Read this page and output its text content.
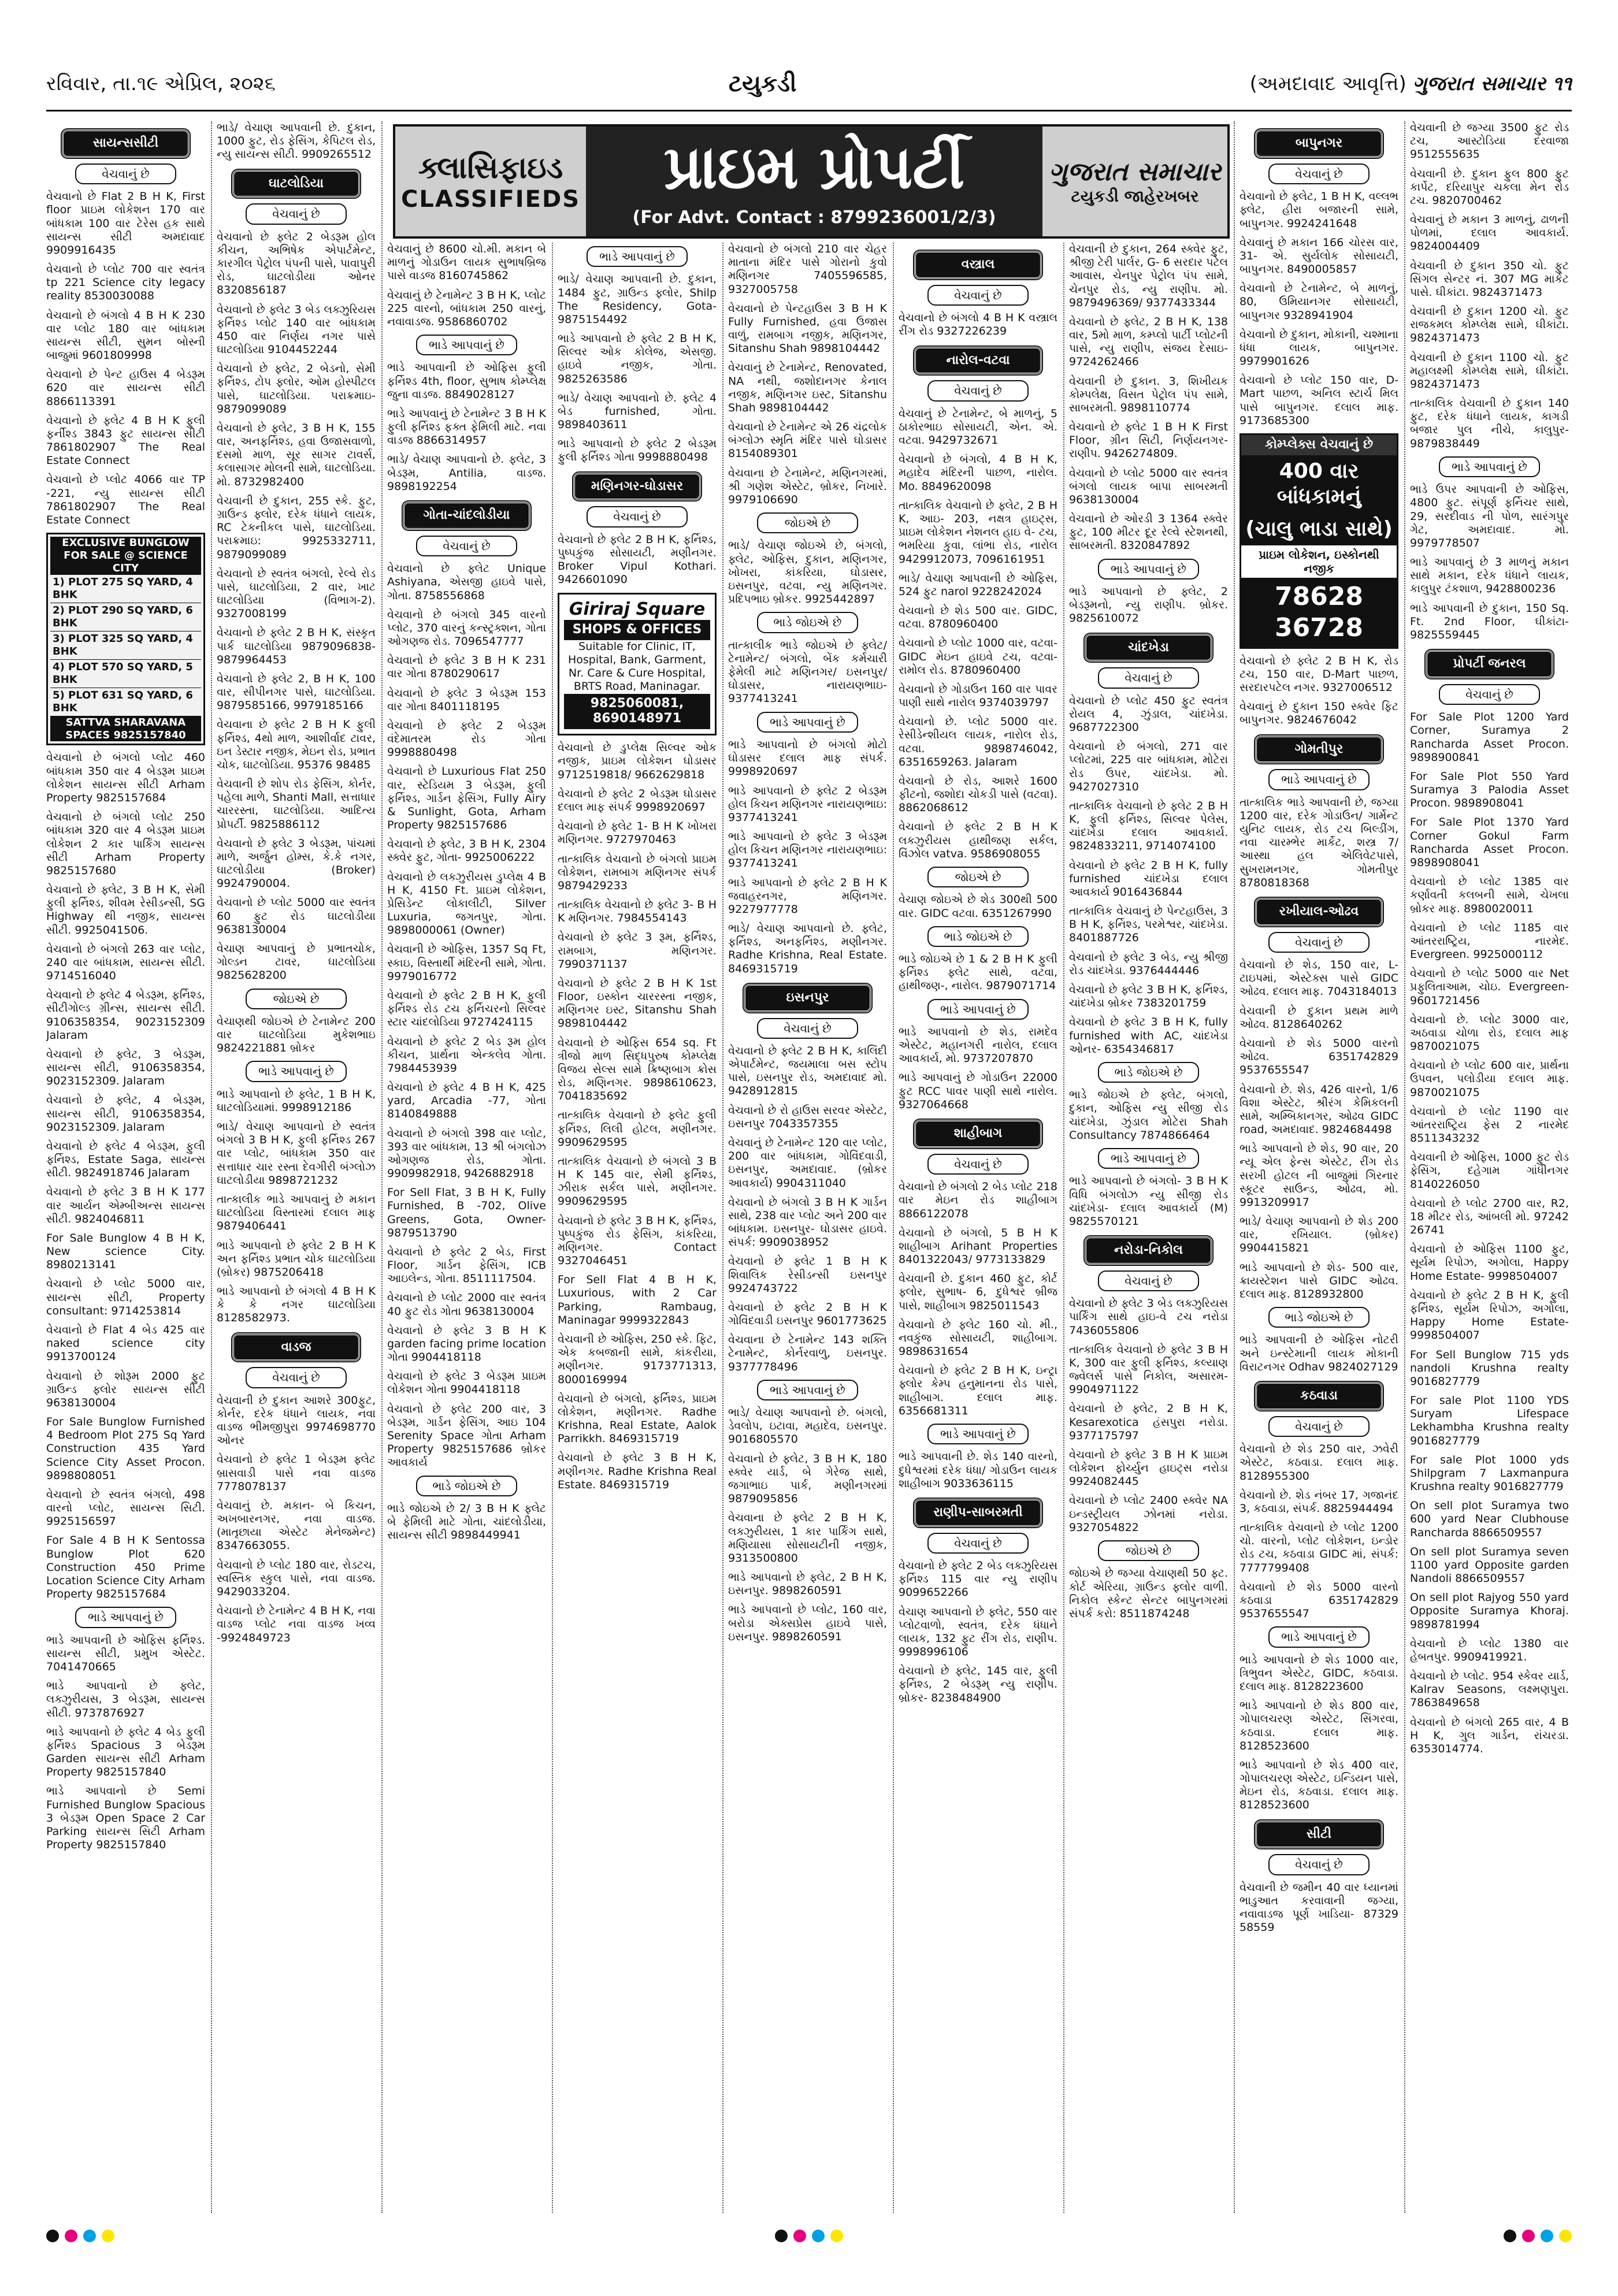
રવિવાર, તા.૧૯ એપ્રિલ, ૨૦૨૬	ટયુકડી	(અમદાવાદ આવૃત્તિ) ગુજરાત સમાચાર ૧૧
ક્લાસિફાઇડ
CLASSIFIEDS	પ્રાઇમ પ્રોપર્ટી
(For Advt. Contact : 8799236001/2/3)
ગુજરાત સમાચાર
ટયુકડી જાહેરખબર
સાયન્સસીટી
વેચવાનું છે

વેચવાનો છે Flat 2 B H K, First floor પ્રાઇમ લોકેશન 170 વાર બાંધકામ 100 વાર ટેરેસ હક સાથે સાયન્સ સીટી અમદાવાદ 9909916435

વેચવાનો છે પ્લોટ 700 વાર સ્વતંત્ર tp 221 Science city legacy reality 8530030088

વેચવાનો છે બંગલો 4 B H K 230 વાર પ્લોટ 180 વાર બાંધકામ સાયન્સ સીટી, સુમન બોસ્ની બાજુમાં 9601809998

વેચવાનો છે પેન્ટ હાઉસ 4 બેડરૂમ 620 વાર સાયન્સ સીટી 8866113391

વેચવાનો છે ફ્લેટ 4 B H K ફુલી ફર્નીશ્ડ 3843 ફુટ સાયન્સ સીટી 7861802907 The Real Estate Connect

વેચવાનો છે પ્લોટ 4066 વાર TP -221, ન્યુ સાયન્સ સીટી 7861802907 The Real Estate Connect

EXCLUSIVE BUNGLOW FOR SALE @ SCIENCE CITY
1) PLOT 275 SQ YARD, 4 BHK
2) PLOT 290 SQ YARD, 6 BHK
3) PLOT 325 SQ YARD, 4 BHK
4) PLOT 570 SQ YARD, 5 BHK
5) PLOT 631 SQ YARD, 6 BHK
SATTVA SHARAVANA SPACES 9825157840

વેચવાનો છે બંગલો પ્લોટ 460 બાંધકામ 350 વાર 4 બેડરૂમ પ્રાઇમ લોકેશન સાયન્સ સીટી Arham Property 9825157684

વેચવાનો છે બંગલો પ્લોટ 250 બાંધકામ 320 વાર 4 બેડરૂમ પ્રાઇમ લોકેશન 2 કાર પાર્કિંગ સાયન્સ સીટી Arham Property 9825157680

વેચવાનો છે ફ્લેટ, 3 B H K, સેમી ફુલી ફર્નિશ્ડ, શીવમ રેસીડન્સી, SG Highway થી નજીક, સાયન્સ સીટી. 9925041506.

વેચવાનો છે બંગલો 263 વાર પ્લોટ, 240 વાર બાંધકામ, સાયન્સ સીટી. 9714516040

વેચવાનો છે ફ્લેટ 4 બેડરૂમ, ફર્નિશ્ડ, સીટીગોલ્ડ ગ્રીન્સ, સાયન્સ સીટી. 9106358354, 9023152309 Jalaram

વેચવાનો છે ફ્લેટ, 3 બેડરૂમ, સાયન્સ સીટી, 9106358354, 9023152309. Jalaram

વેચવાનો છે ફ્લેટ, 4 બેડરૂમ, સાયન્સ સીટી, 9106358354, 9023152309. Jalaram

વેચવાનો છે ફ્લેટ 4 બેડરૂમ, ફુલી ફર્નિશ્ડ, Estate Saga, સાયન્સ સીટી. 9824918746 Jalaram

વેચવાનો છે ફ્લેટ 3 B H K 177 વાર આર્યન એમ્બીઅન્સ સાયન્સ સીટી. 9824046811

For Sale Bunglow 4 B H K, New science City. 8980213141

વેચવાનો છે પ્લોટ 5000 વાર, સાયન્સ સીટી, Property consultant: 9714253814

વેચવાનો છે Flat 4 બેડ 425 વાર naked science city 9913700124

વેચવાનો છે શોરૂમ 2000 ફુટ ગ્રાઉન્ડ ફ્લોર સાયન્સ સીટી 9638130004

For Sale Bunglow Furnished 4 Bedroom Plot 275 Sq Yard Construction 435 Yard Science City Asset Procon. 9898808051

વેચવાનો છે સ્વતંત્ર બંગલો, 498 વારનો પ્લોટ, સાયન્સ સિટી. 9925156597

For Sale 4 B H K Sentossa Bunglow Plot 620 Construction 450 Prime Location Science City Arham Property 9825157684

ભાડે આપવાનું છે

ભાડે આપવાની છે ઓફિસ ફર્નિશ્ડ. સાયન્સ સીટી, પ્રમુખ એસ્ટેટ. 7041470665

ભાડે આપવાનો છે ફ્લેટ, લક્ઝુરીયસ, 3 બેડરૂમ, સાયન્સ સીટી. 9737876927

ભાડે આપવાનો છે ફ્લેટ 4 બેડ ફુલી ફર્નિશ્ડ Spacious 3 બેડરૂમ Garden સાયન્સ સીટી Arham Property 9825157840

ભાડે આપવાનો છે Semi Furnished Bunglow Spacious 3 બેડરૂમ Open Space 2 Car Parking સાયન્સ સિટી Arham Property 9825157840

ભાડે/ વેચાણ આપવાની છે. દુકાન, 1000 ફુટ, રોડ ફેસિંગ, કેપિટલ રોડ, ન્યુ સાયન્સ સીટી. 9909265512

ઘાટલોડિયા
વેચવાનું છે

વેચવાનો છે ફ્લેટ 2 બેડરૂમ હોલ કીચન, અભિષેક એપાર્ટમેન્ટ, કારગીલ પેટ્રોલ પંપની પાસે, પાવાપુરી રોડ, ઘાટલોડીયા ઓનર 8320856187

વેચવાનો છે ફ્લેટ 3 બેડ લક્ઝુરિયસ ફર્નિશ્ડ પ્લોટ 140 વાર બાંધકામ 450 વાર નિર્ણય નગર પાસે ઘાટલોડિયા 9104452244

વેચવાનો છે ફ્લેટ, 2 બેડનો, સેમી ફર્નિશ્ડ, ટોપ ફ્લોર, ઓમ હોસ્પીટલ પાસે, ઘાટલોડિયા. પરાક્રમાઇ- 9879099089

વેચવાનો છે ફ્લેટ, 3 B H K, 155 વાર, અનફર્નિશ્ડ, હવા ઉજાસવાળો, દસમો માળ, સૂર સાગર ટાવર્સ, કલાસાગર મોલની સામે, ઘાટલોડિયા. મો. 8732982400

વેચવાની છે દુકાન, 255 સ્કે. ફુટ, ગ્રાઉન્ડ ફ્લોર, દરેક ધંધાને લાયક, RC ટેકનીકલ પાસે, ઘાટલોડિયા. પરાક્રમાઇ: 9925332711, 9879099089

વેચવાનો છે સ્વતંત્ર બંગલો, રેલ્વે રોડ પાસે, ઘાટલોડિયા, 2 વાર, ખાટ ઘાટલોડિયા (વિભાગ-2). 9327008199

વેચવાનો છે ફ્લેટ 2 B H K, સંસ્કૃત પાર્ક ઘાટલોડિયા 9879096838- 9879964453

વેચવાનો છે ફ્લેટ 2, B H K, 100 વાર, સીપીનગર પાસે, ઘાટલોડિયા. 9879585166, 9979185166

વેચવાના છે ફ્લેટ 2 B H K ફુલી ફર્નિશ્ડ, 4થો માળ, આશીર્વાદ ટાવર, ઇન ડેસ્ટાર નજીક, મેઇન રોડ, પ્રભાત ચોક, ઘાટલોડિયા. 95376 98485

વેચવાની છે શોપ રોડ ફેસિંગ, કોર્નર, પહેલા માળે, Shanti Mall, સત્તાધાર ચારરસ્તા, ઘાટલોડિયા. આદિત્ય પ્રોપર્ટી. 9825886112

વેચવાનો છે ફ્લેટ 3 બેડરૂમ, પાંચમાં માળે, અર્જુન હોમ્સ, કે.કે નગર, ઘાટલોડીયા (Broker) 9924790004.

વેચવાનો છે પ્લોટ 5000 વાર સ્વતંત્ર 60 ફુટ રોડ ઘાટલોડીયા 9638130004

વેચાણ આપવાનું છે પ્રભાતચોક, ગોલ્ડન ટાવર, ઘાટલોડિયા 9825628200

જોઇએ છે

વેચાણથી જોઇએ છે ટેનામેન્ટ 200 વાર ઘાટલોડિયા મુકેશભાઇ 9824221881 બ્રોકર

ભાડે આપવાનું છે

ભાડે આપવાનો છે ફ્લેટ, 1 B H K, ઘાટલોડિયામાં. 9998912186

ભાડે/ વેચાણ આપવાનો છે સ્વતંત્ર બંગલો 3 B H K, ફુલી ફર્નિશ્ડ 267 વાર પ્લોટ, બાંધકામ 350 વાર સત્તાધાર ચાર રસ્તા દેવગીરી બંગ્લોઝ ઘાટલોડીયા 9898721232

તાત્કાલીક ભાડે આપવાનું છે મકાન ઘાટલોડિયા વિસ્તારમાં દલાલ માફ 9879406441

ભાડે આપવાનો છે ફ્લેટ 2 B H K અન ફર્નિશ્ડ પ્રભાત ચોક ઘાટલોડિયા (બ્રોકર) 9875206418

ભાડે આપવાનો છે બંગલો 4 B H K કે કે નગર ઘાટલોડિયા 8128582973.

વાડજ
વેચવાનું છે

વેચવાની છે દુકાન આશરે 300ફુટ, કોર્નર, દરેક ધંધાને લાયક, નવા વાડજ ભીમજીપુરા 9974698770 ઓનર

વેચવાનો છે ફ્લેટ 1 બેડરૂમ ફ્લેટ બ્રાસવાડી પાસે નવા વાડજ 7778078137

વેચવાનું છે. મકાન- બે કિચન, અખબારનગર, નવા વાડજ. (માતૃછાયા એસ્ટેટ મેનેજમેન્ટ) 8347663055.

વેચવાનો છે પ્લોટ 180 વાર, રોડટચ, સ્વસ્તિક સ્કુલ પાસે, નવા વાડજ. 9429033204.

વેચવાનો છે ટેનામેન્ટ 4 B H K, નવા વાડજ પ્લોટ નવા વાડજ ખવ્વ -9924849723

વેચવાનું છે 8600 ચો.મી. મકાન બે માળનું ગોડાઉન લાયક સુભાષબ્રિજ પાસે વાડજ 8160745862

વેચવાનું છે ટેનામેન્ટ 3 B H K, પ્લોટ 225 વારનો, બાંધકામ 250 વારનું, નવાવાડજ. 9586860702

ભાડે આપવાનું છે

ભાડે આપવાની છે ઓફિસ ફુલી ફર્નિશ્ડ 4th, floor, સુભાષ કોમ્પ્લેક્ષ જુના વાડજ. 8849028127

ભાડે આપવાનું છે ટેનામેન્ટ 3 B H K ફુલી ફર્નિશ્ડ ફક્ત ફેમિલી માટે. નવા વાડજ 8866314957

ભાડે/ વેચાણ આપવાનો છે. ફ્લેટ, 3 બેડરૂમ, Antilia, વાડજ. 9898192254

ગોતા-ચાંદલોડીયા
વેચવાનું છે

વેચવાનો છે ફ્લેટ Unique Ashiyana, એસજી હાઇવે પાસે, ગોતા. 8758556868

વેચવાનો છે બંગલો 345 વારનો પ્લોટ, 370 વારનું કન્સ્ટ્રક્શન, ગોતા ઓગણજ રોડ. 7096547777

વેચવાનો છે ફ્લેટ 3 B H K 231 વાર ગોતા 8780290617

વેચવાનો છે ફ્લેટ 3 બેડરૂમ 153 વાર ગોતા 8401118195

વેચવાનો છે ફ્લેટ 2 બેડરૂમ વંદેમાતરમ રોડ ગોતા 9998880498

વેચવાનો છે Luxurious Flat 250 વાર, સ્ટેડિયમ 3 બેડરૂમ, ફુલી ફર્નિશ્ડ, ગાર્ડન ફેસિંગ, Fully Airy & Sunlight, Gota, Arham Property 9825157686

વેચવાનો છે ફ્લેટ, 3 B H K, 2304 સ્ક્વેર ફુટ, ગોતા- 9925006222

વેચવાનો છે લક્ઝુરીયસ ડુપ્લેક્ષ 4 B H K, 4150 Ft. પ્રાઇમ લોકેશન, પ્રેસિડેન્ટ લોકાલીટી, Silver Luxuria, જગતપુર, ગોતા. 9898000061 (Owner)

વેચવાની છે ઓફિસ, 1357 Sq Ft, સ્કાઇ, વિસ્તાર્થી મંદિરની સામે, ગોતા. 9979016772

વેચવાનો છે ફ્લેટ 2 B H K, ફુલી ફર્નિશ્ડ રોડ ટચ ફર્નિચરનો સિલ્વર સ્ટાર ચાંદલોડિયા 9727424115

વેચવાનો છે ફ્લેટ 2 બેડ રૂમ હોલ કીચન, પ્રાર્થના એન્કલેવ ગોતા. 7984453939

વેચવાનો છે ફ્લેટ 4 B H K, 425 yard, Arcadia -77, ગોતા 8140849888

વેચવાનો છે બંગલો 398 વાર પ્લોટ, 393 વાર બાંધકામ, 13 શ્રી બંગલોઝ ઓગણજ રોડ, ગોતા. 9909982918, 9426882918

For Sell Flat, 3 B H K, Fully Furnished, B -702, Olive Greens, Gota, Owner- 9879513790

વેચવાનો છે ફ્લેટ 2 બેડ, First Floor, ગાર્ડન ફેસિંગ, ICB આઇલેન્ડ, ગોતા. 8511117504.

વેચવાનો છે પ્લોટ 2000 વાર સ્વતંત્ર 40 ફુટ રોડ ગોતા 9638130004

વેચવાનો છે ફ્લેટ 3 B H K garden facing prime location ગોતા 9904418118

વેચવાનો છે ફ્લેટ 3 બેડરૂમ પ્રાઇમ લોકેશન ગોતા 9904418118

વેચવાનો છે ફ્લેટ 200 વાર, 3 બેડરૂમ, ગાર્ડન ફેસિંગ, આઇ 104 Serenity Space ગોતા Arham Property 9825157686 બ્રોકર આવકાર્ય

ભાડે જોઇએ છે

ભાડે જોઇએ છે 2/ 3 B H K ફ્લેટ બે ફેમિલી માટે ગોતા, ચાંદલોડીયા, સાયન્સ સીટી 9898449941

ભાડે આપવાનું છે

ભાડે/ વેચાણ આપવાની છે. દુકાન, 1484 ફુટ, ગ્રાઉન્ડ ફ્લોર, Shilp The Residency, Gota- 9875154492

ભાડે આપવાનો છે ફ્લેટ 2 B H K, સિલ્વર ઓક કોલેજ, એસજી. હાઇવે નજીક, ગોતા. 9825263586

ભાડે/ વેચાણ આપવાનો છે. ફ્લેટ 4 બેડ furnished, ગોતા. 9898403611

ભાડે આપવાનો છે ફ્લેટ 2 બેડરૂમ ફુલી ફર્નિશ્ડ ગોતા 9998880498

મણિનગર-ઘોડાસર
વેચવાનું છે

વેચવાનો છે ફ્લેટ 2 B H K, ફર્નિશ્ડ, પુષ્પકુંજ સોસાયટી, મણીનગર. Broker Vipul Kothari. 9426601090

Giriraj Square
SHOPS & OFFICES
Suitable for Clinic, IT, Hospital, Bank, Garment,
Nr. Care & Cure Hospital, BRTS Road, Maninagar.
9825060081, 8690148971

વેચવાનો છે ડુપ્લેક્ષ સિલ્વર ઓક નજીક, પ્રાઇમ લોકેશન ઘોડાસર 9712519818/ 9662629818

વેચવાનો છે ફ્લેટ 2 બેડરૂમ ઘોડાસર દલાલ માફ સંપર્ક 9998920697

વેચવાનો છે ફ્લેટ 1- B H K ખોખરા મણિનગર. 9727970463

તાત્કાલિક વેચવાનો છે બંગલો પ્રાઇમ લોકેશન, રામબાગ મણિનગર સંપર્ક 9879429233

તાત્કાલિક વેચવાનો છે ફ્લેટ 3- B H K મણિનગર. 7984554143

વેચવાનો છે ફ્લેટ 3 રૂમ, ફર્નિશ્ડ, રામબાગ, મણિનગર. 7990371137

વેચવાનો છે ફ્લેટ 2 B H K 1st Floor, ઇસ્કોન ચારરસ્તા નજીક, મણિનગર ઇસ્ટ, Sitanshu Shah 9898104442

વેચવાનો છે ઓફિસ 654 sq. Ft ત્રીજો માળ સિદ્ધપુરુષ કોમ્પ્લેક્ષ વિજય સેલ્સ સામે ક્રિષ્ણબાગ ક્રોસ રોડ, મણિનગર. 9898610623, 7041835692

તાત્કાલિક વેચવાનો છે ફ્લેટ ફુલી ફર્નિશ્ડ, લિલી હોટલ, મણીનગર. 9909629595

તાત્કાલિક વેચવાનો છે બંગલો 3 B H K 145 વાર, સેમી ફર્નિશ્ડ, ઝીરાક સર્કલ પાસે, મણીનગર. 9909629595

વેચવાનો છે ફ્લેટ 3 B H K, ફર્નિશ્ડ, પુષ્પકુંજ રોડ ફેસિંગ, કાંકરિયા, મણિનગર. Contact 9327046451

For Sell Flat 4 B H K, Luxurious, with 2 Car Parking, Rambaug, Maninagar 9999322843

વેચવાની છે ઓફિસ, 250 સ્કે. ફિટ, એક કબજાની સામે, કાંકરીયા, મણીનગર. 9173771313, 8000169994

વેચવાનો છે બંગલો, ફર્નિશ્ડ, પ્રાઇમ લોકેશન, મણીનગર. Radhe Krishna, Real Estate, Aalok Parrikkh. 8469315719

વેચવાનો છે ફ્લેટ 3 B H K, મણીનગર. Radhe Krishna Real Estate. 8469315719

વેચવાનો છે બંગલો 210 વાર ચેહર માતાના મંદિર પાસે ગોરાનો કુવો મણિનગર 7405596585, 9327005758

વેચવાનો છે પેન્ટહાઉસ 3 B H K Fully Furnished, હવા ઉજાસ વાળું, રામબાગ નજીક, મણિનગર, Sitanshu Shah 9898104442

વેચવાનું છે ટેનામેન્ટ, Renovated, NA નથી, જશોદાનગર કેનાલ નજીક, મણિનગર ઇસ્ટ, Sitanshu Shah 9898104442

વેચવાનો છે ટેનામેન્ટ એ 26 ચંદ્રલોક બંગ્લોઝ સ્મૃતિ મંદિર પાસે ઘોડાસર 8154089301

વેચવાના છે ટેનામેન્ટ, મણિનગરમાં, શ્રી ગણેશ એસ્ટેટ, બ્રોકર, નિખારે. 9979106690

જોઇએ છે

ભાડે/ વેચાણ જોઇએ છે, બંગલો, ફ્લેટ, ઓફિસ, દુકાન, મણિનગર, ખોખરા, કાંકરિયા, ઘોડાસર, ઇસનપુર, વટવા, ન્યુ મણિનગર. પ્રદિપભાઇ બ્રોકર. 9925442897

ભાડે જોઇએ છે

તાત્કાલીક ભાડે જોઇએ છે ફ્લેટ/ ટેનામેન્ટ/ બંગલો, બેંક કર્મચારી ફેમેલી માટે મણિનગર/ ઇસનપુર/ ઘોડાસર, નારાયણભાઇ- 9377413241

ભાડે આપવાનું છે

ભાડે આપવાનો છે બંગલો મોટો ઘોડાસર દલાલ માફ સંપર્ક. 9998920697

ભાડે આપવાનો છે ફ્લેટ 2 બેડરૂમ હોલ કિચન મણિનગર નારાયણભાઇ: 9377413241

ભાડે આપવાનો છે ફ્લેટ 3 બેડરૂમ હોલ કિચન મણિનગર નારાયણભાઇ: 9377413241

ભાડે આપવાનો છે ફ્લેટ 2 B H K જવાહરનગર, મણિનગર. 9227977778

ભાડે/ વેચાણ આપવાનો છે. ફ્લેટ, ફર્નિશ્ડ, અનફર્નિશ્ડ, મણીનગર. Radhe Krishna, Real Estate. 8469315719

ઇસનપુર
વેચવાનું છે

વેચવાનો છે ફ્લેટ 2 B H K, કાલિંદી એપાર્ટમેન્ટ, જયમાલા બસ સ્ટોપ પાસે, ઇસનપુર રોડ, અમદાવાદ મો. 9428912815

વેચવાનો છે રો હાઉસ સરવર એસ્ટેટ, ઇસનપુર 7043357355

વેચવાનું છે ટેનામેન્ટ 120 વાર પ્લોટ, 200 વાર બાંધકામ, ગોવિંદવાડી, ઇસનપુર, અમદાવાદ. (બ્રોકર આવકાર્ય) 9904311040

વેચવાનો છે બંગલો 3 B H K ગાર્ડન સાથે, 238 વાર પ્લોટ અને 200 વાર બાંધકામ. ઇસનપુર- ઘોડાસર હાઇવે. સંપર્ક: 9909038952

વેચવાનો છે ફ્લેટ 1 B H K શિવાલિક રેસીડન્સી ઇસનપુર 9924743722

વેચવાનો છે ફ્લેટ 2 B H K ગોવિંદવાડી ઇસનપુર 9601773625

વેચવાના છે ટેનામેન્ટ 143 શક્તિ ટેનામેન્ટ, કોર્નરવાળુ, ઇસનપુર. 9377778496

ભાડે આપવાનું છે

ભાડે/ વેચાણ આપવાનો છે. બંગલો, ડેવલોપ, ઇટાવા, મહાદેવ, ઇસનપુર. 9016805570

વેચવાનો છે ફ્લેટ, 3 B H K, 180 સ્ક્વેર યાર્ડ, બે ગેરેજ સાથે, જગાભાઇ પાર્ક, મણીનગરમાં 9879095856

વેચવાના છે ફ્લેટ 2 B H K, લક્ઝુરીયસ, 1 કાર પાર્કિંગ સાથે, મણિયાસા સોસાયટીની નજીક, 9313500800

ભાડે આપવાનો છે ફ્લેટ, 2 B H K, ઇસનપુર. 9898260591

ભાડે આપવાનો છે પ્લોટ, 160 વાર, બરોડા એક્સપ્રેસ હાઇવે પાસે, ઇસનપુર. 9898260591

વસ્ત્રાલ
વેચવાનું છે

વેચવાનો છે બંગલો 4 B H K વસ્ત્રાલ રીંગ રોડ 9327226239

નારોલ-વટવા
વેચવાનું છે

વેચવાનું છે ટેનામેન્ટ, બે માળનું, 5 ઠાકોરભાઇ સોસાયટી, એન. એ. વટવા. 9429732671

વેચવાનો છે બંગલો, 4 B H K, મહાદેવ મંદિરની પાછળ, નારોલ. Mo. 8849620098

તાત્કાલિક વેચવાનો છે ફ્લેટ, 2 B H K, આઇ- 203, નક્ષત્ર હાઇટ્સ, પ્રાઇમ લોકેશન નેશનલ હાઇ વે- ટચ, ભમરિયા કુવા, લાંભા રોડ, નારોલ 9429912073, 7096161951

ભાડે/ વેચાણ આપવાની છે ઓફિસ, 524 ફુટ narol 9228242024

વેચવાનો છે શેડ 500 વાર. GIDC, વટવા. 8780960400

વેચવાનો છે પ્લોટ 1000 વાર, વટવા- GIDC મેઇન હાઇવે ટચ, વટવા- રામોલ રોડ. 8780960400

વેચવાનો છે ગોડાઉન 160 વાર પાવર પાણી સાથે નારોલ 9374039797

વેચવાનો છે. પ્લોટ 5000 વાર. રેસીડેન્શીયલ લાયક, નારોલ રોડ, વટવા. 9898746042, 6351659263. Jalaram

વેચવાનો છે રોડ, આશરે 1600 ફીટનો, જશોદા ચોકડી પાસે (વટવા). 8862068612

વેચવાનો છે ફ્લેટ 2 B H K લક્ઝુરીયસ હાથીજણ સર્કલ, વિંઝોલ vatva. 9586908055

જોઇએ છે

વેચાણ જોઇએ છે શેડ 300થી 500 વાર. GIDC વટવા. 6351267990

ભાડે જોઇએ છે

ભાડે જોઇએ છે 1 & 2 B H K ફુલી ફર્નિશ્ડ ફ્લેટ સાથે, વટવા, હાથીજણ-, નારોલ. 9879071714

ભાડે આપવાનું છે

ભાડે આપવાનો છે શેડ, રામદેવ એસ્ટેટ, મહાનગરી નારોલ, દલાલ આવકાર્ય, મો. 9737207870

ભાડે આપવાનું છે ગોડાઉન 22000 ફુટ RCC પાવર પાણી સાથે નારોલ. 9327064668

શાહીબાગ
વેચવાનું છે

વેચવાનો છે બંગલો 2 બેડ પ્લોટ 218 વાર મેઇન રોડ શાહીબાગ 8866122078

વેચવાનો છે બંગલો, 5 B H K શાહીબાગ Arihant Properties 8401322043/ 9773133829

વેચવાની છે. દુકાન 460 ફુટ, કોર્ટ ફ્લોર, સુભાષ- 6, દુધેશ્વર બ્રીજ પાસે, શાહીબાગ 9825011543

વેચવાનો છે ફ્લેટ 160 ચો. મી., નવકુંજ સોસાયટી, શાહીબાગ. 9898631654

વેચવાનો છે ફ્લેટ 2 B H K, ઇન્ટ્રા ફ્લોર કેમ્પ હનુમાનના રોડ પાસે, શાહીબાગ. દલાલ માફ. 6356681311

ભાડે આપવાનું છે

ભાડે આપવાની છે. શેડ 140 વારનો, દુધેશ્વરમાં દરેક ધંધા/ ગોડાઉન લાયક શાહીબાગ 9033636115

રાણીપ-સાબરમતી
વેચવાનું છે

વેચવાનો છે ફ્લેટ 2 બેડ લક્ઝુરિયસ ફર્નિશ્ડ 115 વાર ન્યુ રાણીપ 9099652266

વેચાણ આપવાનો છે ફ્લેટ, 550 વાર પ્લોટવાળો, સ્વતંત્ર, દરેક ધંધાને લાયક, 132 ફુટ રીંગ રોડ, રાણીપ. 9998996106

વેચવાનો છે ફ્લેટ, 145 વાર, ફુલી ફર્નિશ્ડ, 2 બેડરૂમ્ ન્યુ રાણીપ. બ્રોકર- 8238484900

વેચવાની છે દુકાન, 264 સ્ક્વેર ફુટ, શ્રીજી ટેરી પાર્લર, G- 6 સરદાર પટેલ આવાસ, ચેનપુર પેટ્રોલ પંપ સામે, ચેનપુર રોડ, ન્યુ રાણીપ. મો. 9879496369/ 9377433344

વેચવાનો છે ફ્લેટ, 2 B H K, 138 વાર, 5મો માળ, કમ્પ્લો પાર્ટી પ્લોટની પાસે, ન્યુ રાણીપ, સંજય દેસાઇ- 9724262466

વેચવાની છે દુકાન. 3, શિખીયક કોમ્પલેક્ષ, વિસત પેટ્રોલ પંપ સામે, સાબરમતી. 9898110774

વેચવાનો છે ફ્લેટ 1 B H K First Floor, ગ્રીન સિટી, નિર્ણયનગર- રાણીપ. 9426274809.

વેચવાનો છે પ્લોટ 5000 વાર સ્વતંત્ર બંગલો લાયક બાપા સાબરમતી 9638130004

વેચવાનો છે ઓરડી 3 1364 સ્ક્વેર ફુટ, 100 મીટર દૂર રેલ્વે સ્ટેશનથી, સાબરમતી. 8320847892

ભાડે આપવાનું છે

ભાડે આપવાનો છે ફ્લેટ, 2 બેડરૂમનો, ન્યુ રાણીપ. બ્રોકર. 9825610072

ચાંદખેડા
વેચવાનું છે

વેચવાનો છે પ્લોટ 450 ફુટ સ્વતંત્ર રોયલ 4, ઝુંડાલ, ચાંદખેડા. 9687722300

વેચવાનો છે બંગલો, 271 વાર પ્લોટમાં, 225 વાર બાંધકામ, મોટેરા રોડ ઉપર, ચાંદખેડા. મો. 9427027310

તાત્કાલિક વેચવાનો છે ફ્લેટ 2 B H K, ફુલી ફર્નિશ્ડ, સિલ્વર પેલેસ, ચાંદખેડા દલાલ આવકાર્ય. 9824833211, 9714074100

વેચવાનો છે ફ્લેટ 2 B H K, fully furnished ચાંદખેડા દલાલ આવકાર્ય 9016436844

તાત્કાલિક વેચવાનું છે પેન્ટહાઉસ, 3 B H K, ફર્નિશ્ડ, પરમેશ્વર, ચાંદખેડા. 8401887726

વેચવાનો છે ફ્લેટ 3 બેડ, ન્યુ શ્રીજી રોડ ચાંદખેડા. 9376444446

વેચવાનો છે ફ્લેટ 3 B H K, ફર્નિશ્ડ, ચાંદખેડા બ્રોકર 7383201759

વેચવાનો છે ફ્લેટ 3 B H K, fully furnished with AC, ચાંદખેડા ઓનર- 6354346817

ભાડે જોઇએ છે

ભાડે જોઇએ છે ફ્લેટ, બંગલો, દુકાન, ઓફિસ ન્યુ સીજી રોડ ચાંદખેડા, ઝુંડાલ મોટેરા Shah Consultancy 7874866464

ભાડે આપવાનું છે

ભાડે આપવાનો છે બંગલો- 3 B H K વિધિ બંગલોઝ ન્યુ સીજી રોડ ચાંદખેડા- દલાલ આવકાર્ય (M) 9825570121

નરોડા-નિકોલ
વેચવાનું છે

વેચવાનો છે ફ્લેટ 3 બેડ લક્ઝુરિયસ પાર્કિંગ સાથે હાઇ-વે ટચ નરોડા 7436055806

તાત્કાલિક વેચવાનો છે ફ્લેટ 3 B H K, 300 વાર ફુલી ફર્નિશ્ડ, કલ્યાણ જ્વેલર્સ પાસે નિકોલ, અસારમ- 9904971122

વેચવાનો છે ફ્લેટ, 2 B H K, Kesarexotica હંસપુરા નરોડા. 9377175797

વેચવાનો છે ફ્લેટ 3 B H K પ્રાઇમ લોકેશન ફોર્ચ્યુન હાઇટ્સ નરોડા 9924082445

વેચવાનો છે પ્લોટ 2400 સ્ક્વેર NA ઇન્ડસ્ટ્રીયલ ઝોનમાં નરોડા. 9327054822

જોઇએ છે

જોઇએ છે જગ્યા વેચાણથી 50 ફ્ટ. કોર્ટ એરિયા, ગ્રાઉન્ડ ફ્લોર વાળી. નિકોલ સ્કેન્ટ સેન્ટર બાપુનગરમાં સંપર્ક કરો: 8511874248

બાપુનગર
વેચવાનું છે

વેચવાનો છે ફ્લેટ, 1 B H K, વલ્લભ ફ્લેટ, હીરા બજારની સામે, બાપુનગર. 9924241648

વેચવાનું છે મકાન 166 ચોરસ વાર, 31- એ. સુર્યલોક સોસાયટી, બાપુનગર. 8490005857

વેચવાનો છે ટેનામેન્ટ, બે માળનું, 80, ઉમિયાનગર સોસાયટી, બાપુનગર 9328941904

વેચવાનો છે દુકાન, મોકાની, ચશ્માના ધંધા લાયક, બાપુનગર. 9979901626

વેચવાનો છે પ્લોટ 150 વાર, D-Mart પાછળ, અનિલ સ્ટાર્ચ મિલ પાસે બાપુનગર. દલાલ માફ. 9173685300

કોમ્પ્લેક્સ વેચવાનું છે
400 વાર બાંધકામનું
(ચાલુ ભાડા સાથે)
પ્રાઇમ લોકેશન, ઇસ્કોનથી નજીક
78628 36728

વેચવાનો છે ફ્લેટ 2 B H K, રોડ ટચ, 150 વાર, D-Mart પાછળ, સરદારપટેલ નગર. 9327006512

વેચવાનું છે દુકાન 150 સ્ક્વેર ફિટ બાપુનગર. 9824676042

ગોમતીપુર
ભાડે આપવાનું છે

તાત્કાલિક ભાડે આપવાની છે, જગ્યા 1200 વાર, દરેક ગોડાઉન/ ગાર્મેન્ટ યુનિટ લાયક, રોડ ટચ બિલ્ડીંગ, નવા ચારમ્ભેર માર્કેટ, શસ્ત્ર 7/ આસ્થા હલ એલિવેટપાસે, સુખરામનગર, ગોમતીપુર 8780818368

રખીયાલ-ઓઢવ
વેચવાનું છે

વેચવાનો છે શેડ, 150 વાર, L-ટાઇપમાં, એસ્ટેક્સ પાસે GIDC ઓઢવ. દલાલ માફ. 7043184013

વેચવાની છે દુકાન પ્રથમ માળે ઓઢવ. 8128640262

વેચવાનો છે શેડ 5000 વારનો ઓઢવ. 6351742829 9537655547

વેચવાનો છે. શેડ, 426 વારનો, 1/6 વિશા એસ્ટેટ, શ્રીરંગ કેમિકલની સામે, અમ્બિકાનગર, ઓઢવ GIDC road, અમદાવાદ. 9824684498

ભાડે આપવાનો છે શેડ, 90 વાર, 20 ન્યૂ એલ ફેન્સ એસ્ટેટ, રીંગ રોડ સરખી હોટલ ની બાજુમાં ગિરનાર સ્કૂટર સાઉન્ડ, ઓઢવ, મો. 9913209917

ભાડે/ વેચાણ આપવાનો છે શેડ 200 વાર, રખિયાલ. (બ્રોકર) 9904415821

ભાડે આપવાનો છે શેડ- 500 વાર, ક્રાયસ્ટેશન પાસે GIDC ઓઢવ. દલાલ માફ. 8128932800

ભાડે જોઇએ છે

ભાડે આપવાની છે ઓફિસ નોટરી અને ઇન્સ્ટેમાની લાયક મોકાની વિરાટનગર Odhav 9824027129

કઠવાડા
વેચવાનું છે

વેચવાનો છે શેડ 250 વાર, ઝવેરી એસ્ટેટ, કઠવાડા. દલાલ માફ. 8128955300

વેચવાનો છે. શેડ નંબર 17, ગજાનંદ 3, કઠવાડા, સંપર્ક. 8825944494

તાત્કાલિક વેચવાનો છે પ્લોટ 1200 ચો. વારનો, પ્લોટ લોકેશન, ઇન્ડોર રોડ ટચ, કઠવાડા GIDC માં, સંપર્ક: 7777799408

વેચવાનો છે શેડ 5000 વારનો કઠવાડા 6351742829 9537655547

ભાડે આપવાનું છે

ભાડે આપવાનો છે શેડ 1000 વાર, ત્રિભુવન એસ્ટેટ, GIDC, કઠવાડા. દલાલ માફ. 8128223600

ભાડે આપવાનો છે શેડ 800 વાર, ગોપાલચરણ એસ્ટેટ, સિંગરવા, કઠવાડા. દલાલ માફ. 8128523600

ભાડે આપવાનો છે શેડ 400 વાર, ગોપાલચરણ એસ્ટેટ, ઇન્ડિયન પાસે, મેઇન રોડ, કઠવાડા. દલાલ માફ. 8128523600

સીટી
વેચવાનું છે

વેચવાની છે જમીન 40 વાર ધ્યાનમાં ભાડુઆત કરવાવાની જગ્યા, નવાવાડજ પૂર્ણ ખાડિયા- 87329 58559

વેચવાની છે જગ્યા 3500 ફુટ રોડ ટચ, આસ્ટોડિયા દરવાજા 9512555635

વેચવાની છે. દુકાન ફુલ 800 ફુટ કાર્પેટ, દરિયાપુર ચકલા મેન રોડ ટચ. 9820700462

વેચવાનું છે મકાન 3 માળનું, ઢાળની પોળમાં, દલાલ આવકાર્ય. 9824004409

વેચવાની છે દુકાન 350 ચો. ફુટ સિંગલ સેન્ટર નં. 307 MG માર્કેટ પાસે. ઘીકાંટા. 9824371473

વેચવાની છે દુકાન 1200 ચો. ફુટ રાજકમલ કોમ્પ્લેક્ષ સામે, ઘીકાંટા. 9824371473

વેચવાની છે દુકાન 1100 ચો. ફુટ મહાલક્ષ્મી કોમ્પ્લેક્ષ સામે, ઘીકાંટા. 9824371473

તાત્કાલિક વેચવાની છે દુકાન 140 ફુટ, દરેક ધંધાને લાયક, કાગડી બજાર પુલ નીચે, કાલુપુર- 9879838449

ભાડે આપવાનું છે

ભાડે ઉપર આપવાની છે ઓફિસ, 4800 ફુટ. સંપૂર્ણ ફર્નિચર સાથે, 29, સરદીવાડ ની પોળ, સારંગપુર ગેટ, અમદાવાદ. મો. 9979778507

ભાડે આપવાનું છે 3 માળનું મકાન સાથે મકાન, દરેક ધંધાને લાયક, કાલુપુર ટંકશાળ, 9428800236

ભાડે આપવાની છે દુકાન, 150 Sq. Ft. 2nd Floor, ઘીકાંટા- 9825559445

પ્રોપર્ટી જનરલ
વેચવાનું છે

For Sale Plot 1200 Yard Corner, Suramya 2 Rancharda Asset Procon. 9898900841

For Sale Plot 550 Yard Suramya 3 Palodia Asset Procon. 9898908041

For Sale Plot 1370 Yard Corner Gokul Farm Rancharda Asset Procon. 9898908041

વેચવાનો છે પ્લોટ 1385 વાર કર્ણાવતી કલબની સામે, ચેખલા બ્રોકર માફ. 8980020011

વેચવાનો છે પ્લોટ 1185 વાર આંતરરાષ્ટ્રિય, નારમેદ. Evergreen. 9925000112

વેચવાનો છે પ્લોટ 5000 વાર Net પ્રફુલિતાઆમ, ચોઇ. Evergreen- 9601721456

વેચવાનો છે. પ્લોટ 3000 વાર, અઠવાડા ચોળા રોડ, દલાલ માફ 9870021075

વેચવાનો છે પ્લોટ 600 વાર, પ્રાર્થના ઉપવન, પલોડીયા દલાલ માફ. 9870021075

વેચવાનો છે પ્લોટ 1190 વાર આંતરરાષ્ટ્રિય ફેસ 2 નારમેદ 8511343232

વેચવાની છે ઓફિસ, 1000 ફુટ રોડ ફેસિંગ, દહેગામ ગાંધીનગર 8140226050

વેચવાનો છે પ્લોટ 2700 વાર, R2, 18 મીટર રોડ, આંબલી મો. 97242 26741

વેચવાનો છે ઓફિસ 1100 ફુટ, સૂર્યમ રિપોઝ, અગોલા, Happy Home Estate- 9998504007

વેચવાનો છે ફ્લેટ 2 B H K, ફુલી ફર્નિશ્ડ, સૂર્યમ રિપોઝ, અગોલા, Happy Home Estate- 9998504007

For Sell Bunglow 715 yds nandoli Krushna realty 9016827779

For sale Plot 1100 YDS Suryam Lifespace Lekhambha Krushna realty 9016827779

For sale Plot 1000 yds Shilpgram 7 Laxmanpura Krushna realty 9016827779

On sell plot Suramya two 600 yard Near Clubhouse Rancharda 8866509557

On sell plot Suramya seven 1100 yard Opposite garden Nandoli 8866509557

On sell plot Rajyog 550 yard Opposite Suramya Khoraj. 9898781994

વેચવાનો છે પ્લોટ 1380 વાર હેબતપુર. 9909419921.

વેચવાનો છે પ્લોટ. 954 સ્કેવર યાર્ડ, Kalrav Seasons, લક્ષ્મણપુરા. 7863849658

વેચવાનો છે બંગલો 265 વાર, 4 B H K, ગુલ ગાર્ડન, રાંચરડા. 6353014774.
